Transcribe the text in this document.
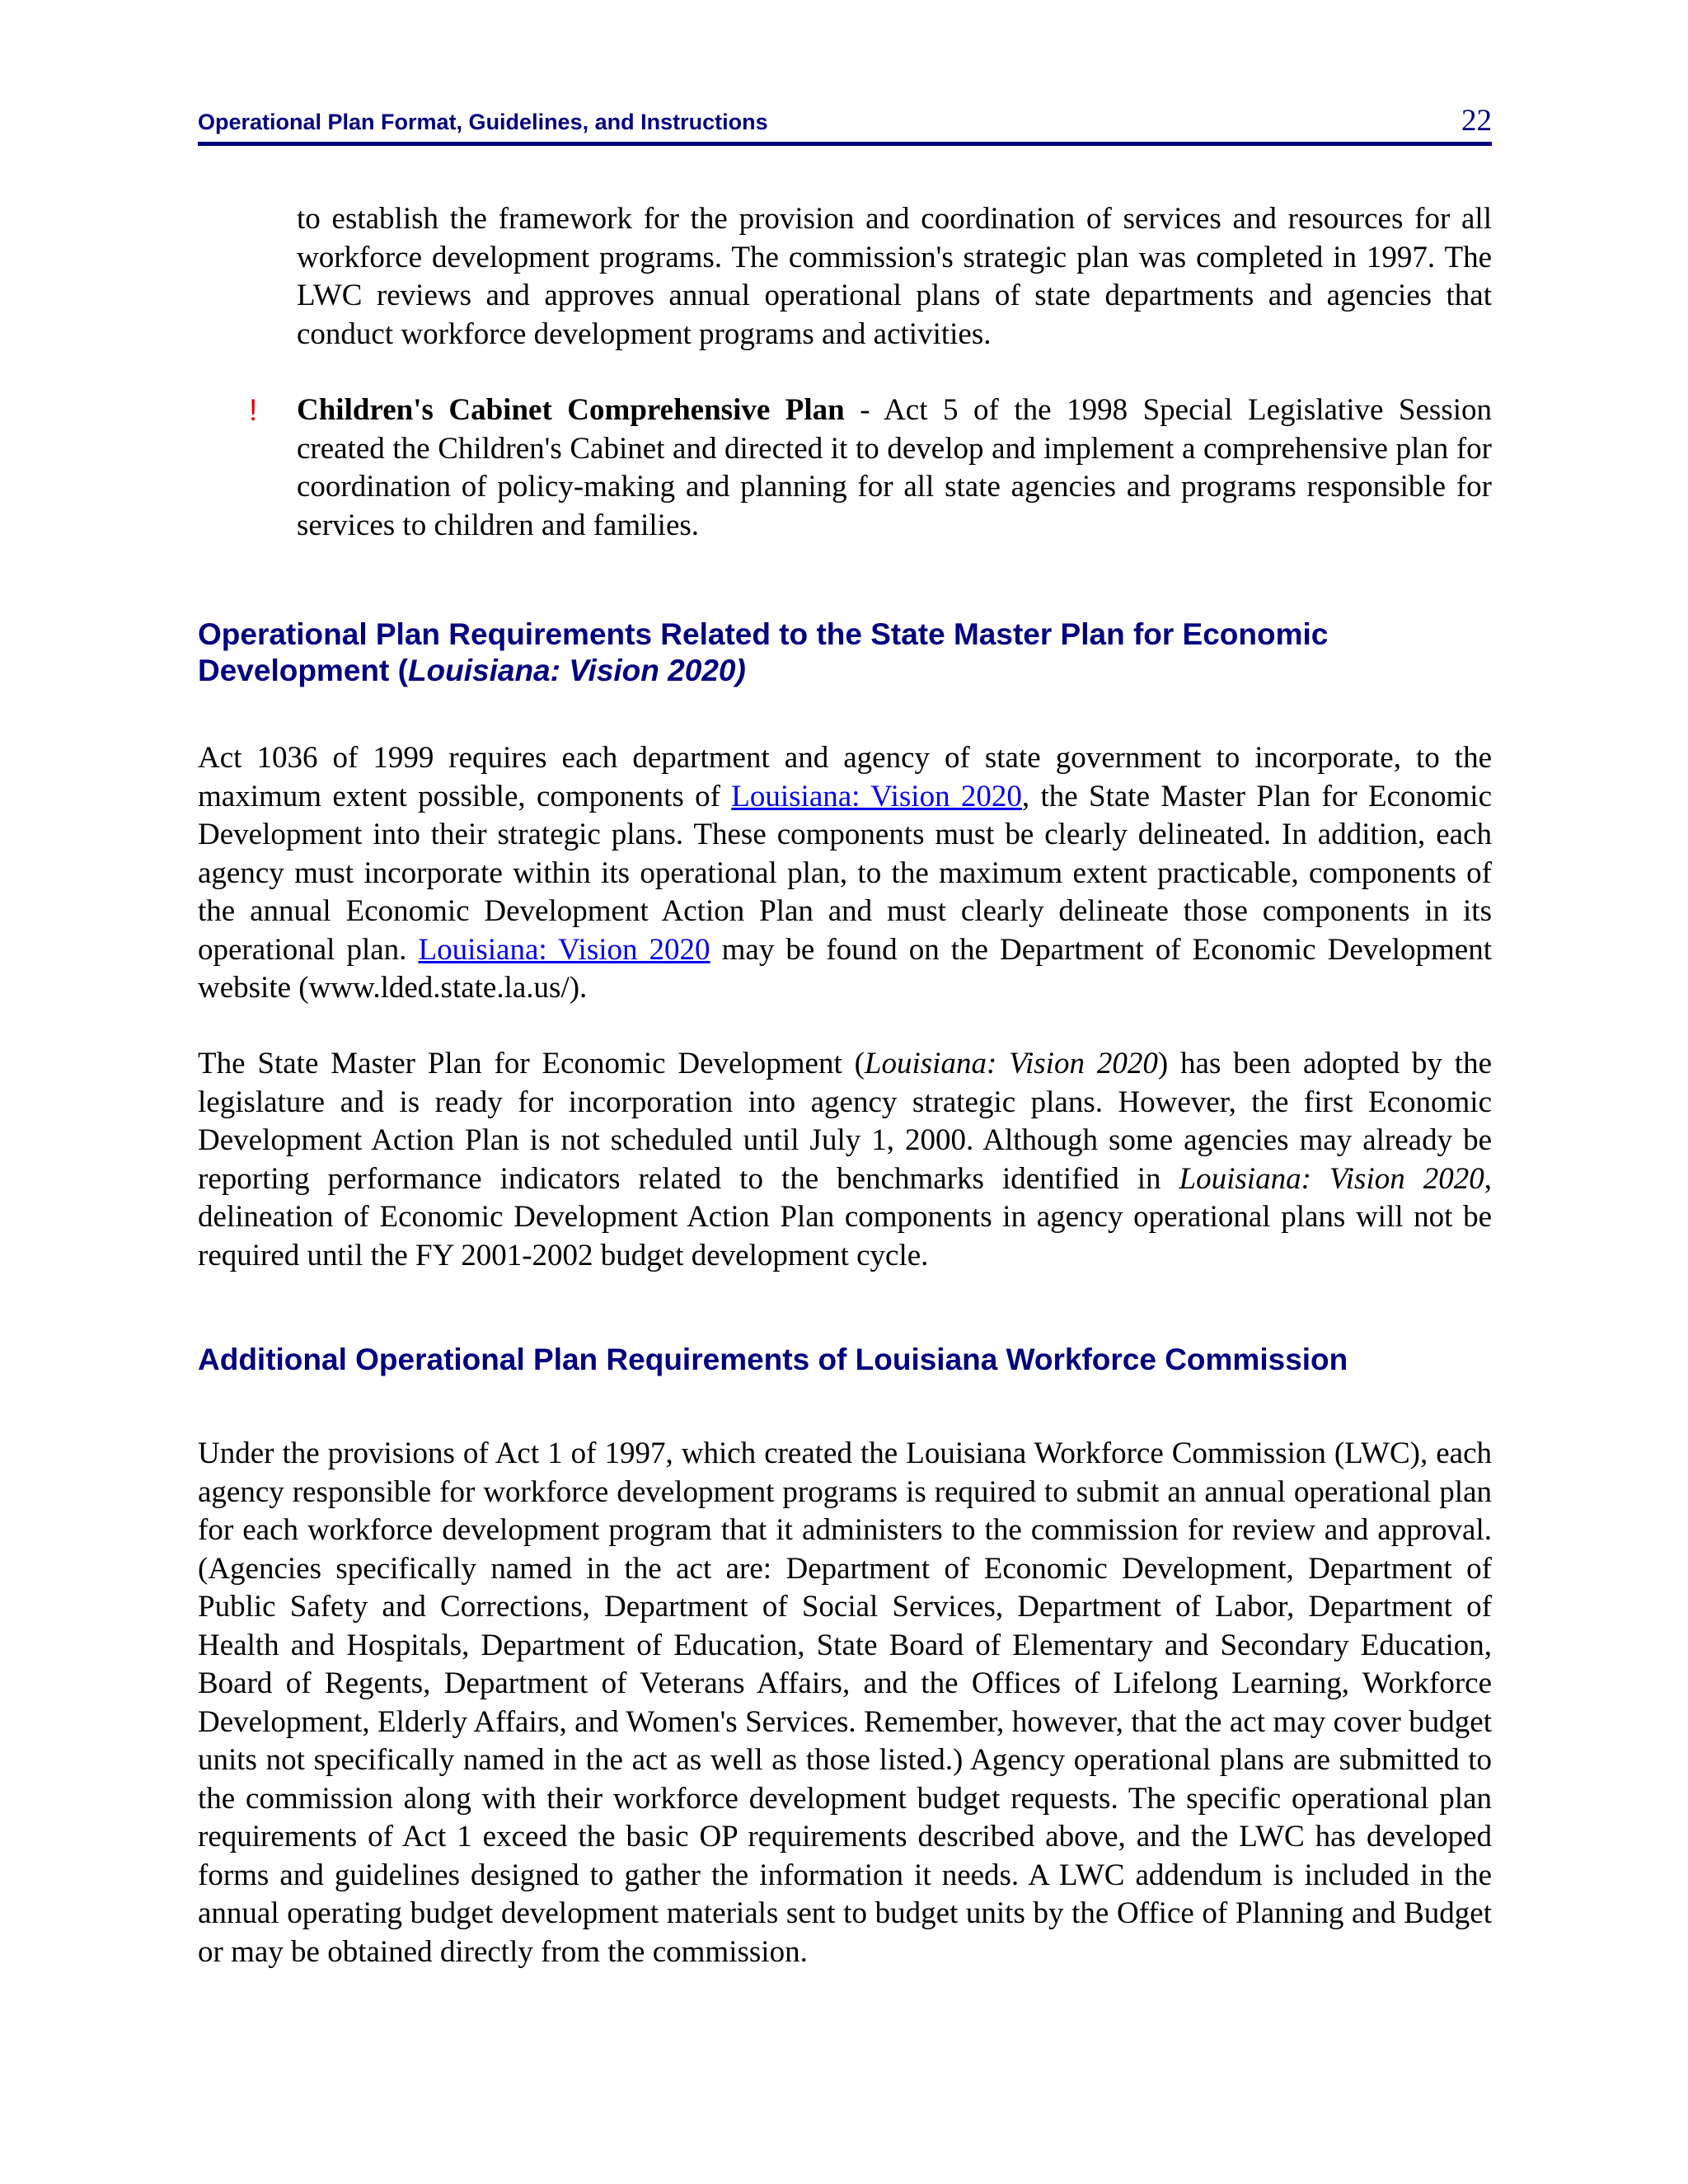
Operational Plan Format, Guidelines, and Instructions	22

to establish the framework for the provision and coordination of services and resources for all workforce development programs. The commission's strategic plan was completed in 1997. The LWC reviews and approves annual operational plans of state departments and agencies that conduct workforce development programs and activities.

! Children's Cabinet Comprehensive Plan - Act 5 of the 1998 Special Legislative Session created the Children's Cabinet and directed it to develop and implement a comprehensive plan for coordination of policy-making and planning for all state agencies and programs responsible for services to children and families.

Operational Plan Requirements Related to the State Master Plan for Economic Development (Louisiana: Vision 2020)

Act 1036 of 1999 requires each department and agency of state government to incorporate, to the maximum extent possible, components of Louisiana: Vision 2020, the State Master Plan for Economic Development into their strategic plans. These components must be clearly delineated. In addition, each agency must incorporate within its operational plan, to the maximum extent practicable, components of the annual Economic Development Action Plan and must clearly delineate those components in its operational plan. Louisiana: Vision 2020 may be found on the Department of Economic Development website (www.lded.state.la.us/).

The State Master Plan for Economic Development (Louisiana: Vision 2020) has been adopted by the legislature and is ready for incorporation into agency strategic plans. However, the first Economic Development Action Plan is not scheduled until July 1, 2000. Although some agencies may already be reporting performance indicators related to the benchmarks identified in Louisiana: Vision 2020, delineation of Economic Development Action Plan components in agency operational plans will not be required until the FY 2001-2002 budget development cycle.

Additional Operational Plan Requirements of Louisiana Workforce Commission

Under the provisions of Act 1 of 1997, which created the Louisiana Workforce Commission (LWC), each agency responsible for workforce development programs is required to submit an annual operational plan for each workforce development program that it administers to the commission for review and approval. (Agencies specifically named in the act are: Department of Economic Development, Department of Public Safety and Corrections, Department of Social Services, Department of Labor, Department of Health and Hospitals, Department of Education, State Board of Elementary and Secondary Education, Board of Regents, Department of Veterans Affairs, and the Offices of Lifelong Learning, Workforce Development, Elderly Affairs, and Women's Services. Remember, however, that the act may cover budget units not specifically named in the act as well as those listed.) Agency operational plans are submitted to the commission along with their workforce development budget requests. The specific operational plan requirements of Act 1 exceed the basic OP requirements described above, and the LWC has developed forms and guidelines designed to gather the information it needs. A LWC addendum is included in the annual operating budget development materials sent to budget units by the Office of Planning and Budget or may be obtained directly from the commission.
